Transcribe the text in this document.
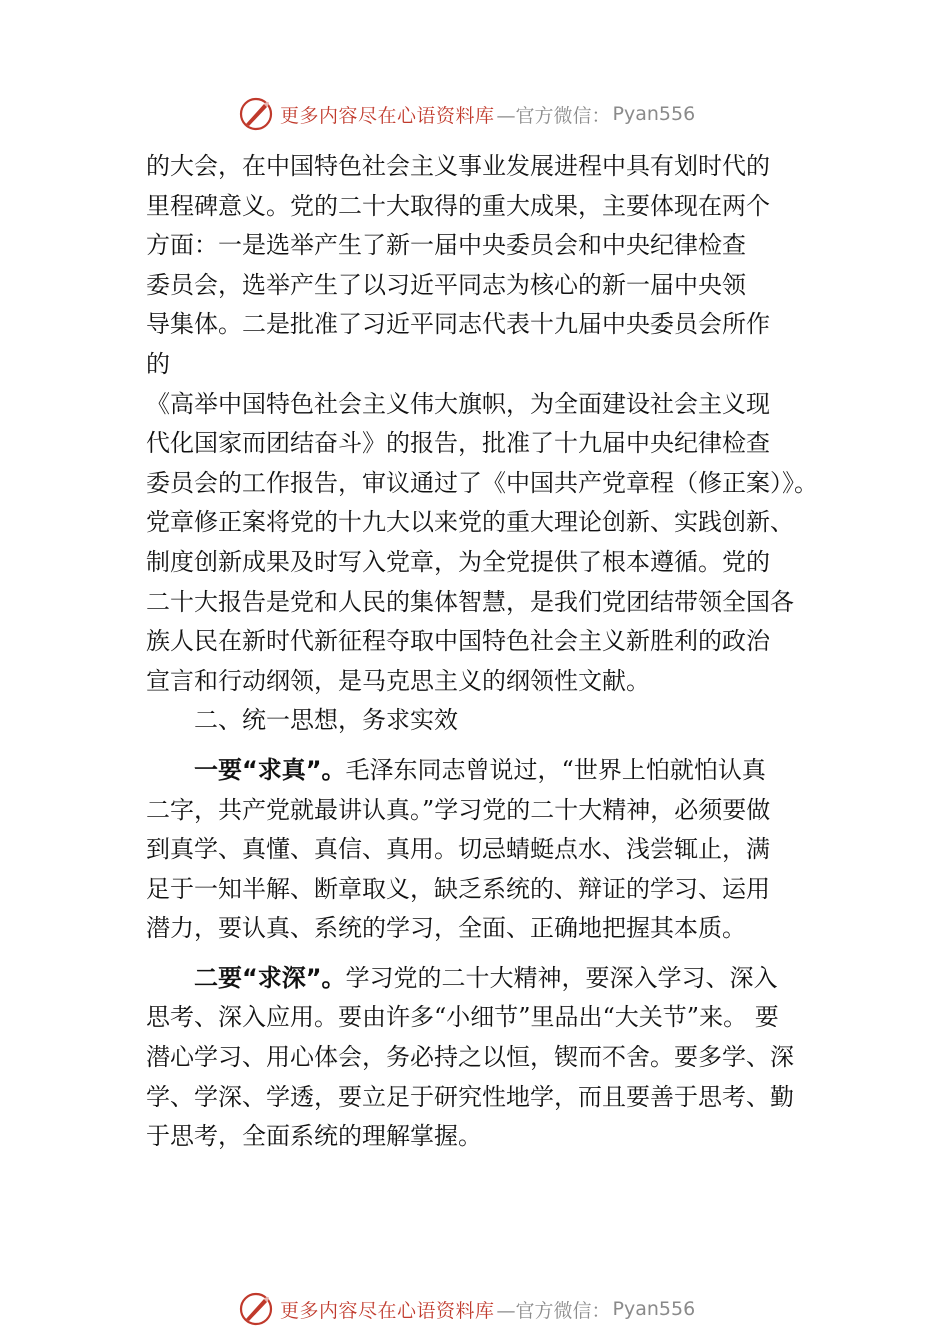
更多内容尽在心语资料库 —官方微信： Pyan556

的大会，在中国特色社会主义事业发展进程中具有划时代的

里程碑意义。党的二十大取得的重大成果，主要体现在两个

方面：一是选举产生了新一届中央委员会和中央纪律检查

委员会，选举产生了以习近平同志为核心的新一届中央领

导集体。二是批准了习近平同志代表十九届中央委员会所作

的

《高举中国特色社会主义伟大旗帜，为全面建设社会主义现

代化国家而团结奋斗》的报告，批准了十九届中央纪律检查

委员会的工作报告，审议通过了《中国共产党章程（修正案）》。

党章修正案将党的十九大以来党的重大理论创新、实践创新、

制度创新成果及时写入党章，为全党提供了根本遵循。党的

二十大报告是党和人民的集体智慧，是我们党团结带领全国各

族人民在新时代新征程夺取中国特色社会主义新胜利的政治

宣言和行动纲领，是马克思主义的纲领性文献。

二、统一思想，务求实效

一要“求真”。毛泽东同志曾说过，“世界上怕就怕认真

二字，共产党就最讲认真。”学习党的二十大精神，必须要做

到真学、真懂、真信、真用。切忌蜻蜓点水、浅尝辄止，满

足于一知半解、断章取义，缺乏系统的、辩证的学习、运用

潜力，要认真、系统的学习，全面、正确地把握其本质。

二要“求深”。学习党的二十大精神，要深入学习、深入

思考、深入应用。要由许多“小细节”里品出“大关节”来。 要

潜心学习、用心体会，务必持之以恒，锲而不舍。要多学、深

学、学深、学透，要立足于研究性地学，而且要善于思考、勤

于思考，全面系统的理解掌握。

更多内容尽在心语资料库 —官方微信： Pyan556
